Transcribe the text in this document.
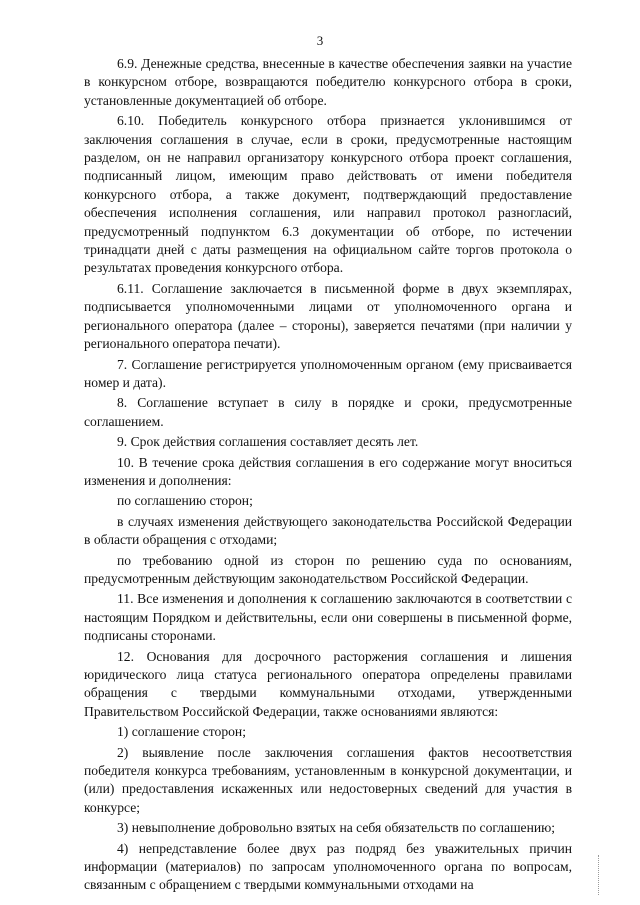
3

6.9. Денежные средства, внесенные в качестве обеспечения заявки на участие в конкурсном отборе, возвращаются победителю конкурсного отбора в сроки, установленные документацией об отборе.

6.10. Победитель конкурсного отбора признается уклонившимся от заключения соглашения в случае, если в сроки, предусмотренные настоящим разделом, он не направил организатору конкурсного отбора проект соглашения, подписанный лицом, имеющим право действовать от имени победителя конкурсного отбора, а также документ, подтверждающий предоставление обеспечения исполнения соглашения, или направил протокол разногласий, предусмотренный подпунктом 6.3 документации об отборе, по истечении тринадцати дней с даты размещения на официальном сайте торгов протокола о результатах проведения конкурсного отбора.

6.11. Соглашение заключается в письменной форме в двух экземплярах, подписывается уполномоченными лицами от уполномоченного органа и регионального оператора (далее – стороны), заверяется печатями (при наличии у регионального оператора печати).

7. Соглашение регистрируется уполномоченным органом (ему присваивается номер и дата).

8. Соглашение вступает в силу в порядке и сроки, предусмотренные соглашением.

9. Срок действия соглашения составляет десять лет.

10. В течение срока действия соглашения в его содержание могут вноситься изменения и дополнения:

по соглашению сторон;

в случаях изменения действующего законодательства Российской Федерации в области обращения с отходами;

по требованию одной из сторон по решению суда по основаниям, предусмотренным действующим законодательством Российской Федерации.

11. Все изменения и дополнения к соглашению заключаются в соответствии с настоящим Порядком и действительны, если они совершены в письменной форме, подписаны сторонами.

12. Основания для досрочного расторжения соглашения и лишения юридического лица статуса регионального оператора определены правилами обращения с твердыми коммунальными отходами, утвержденными Правительством Российской Федерации, также основаниями являются:

1) соглашение сторон;

2) выявление после заключения соглашения фактов несоответствия победителя конкурса требованиям, установленным в конкурсной документации, и (или) предоставления искаженных или недостоверных сведений для участия в конкурсе;

3) невыполнение добровольно взятых на себя обязательств по соглашению;

4) непредставление более двух раз подряд без уважительных причин информации (материалов) по запросам уполномоченного органа по вопросам, связанным с обращением с твердыми коммунальными отходами на
